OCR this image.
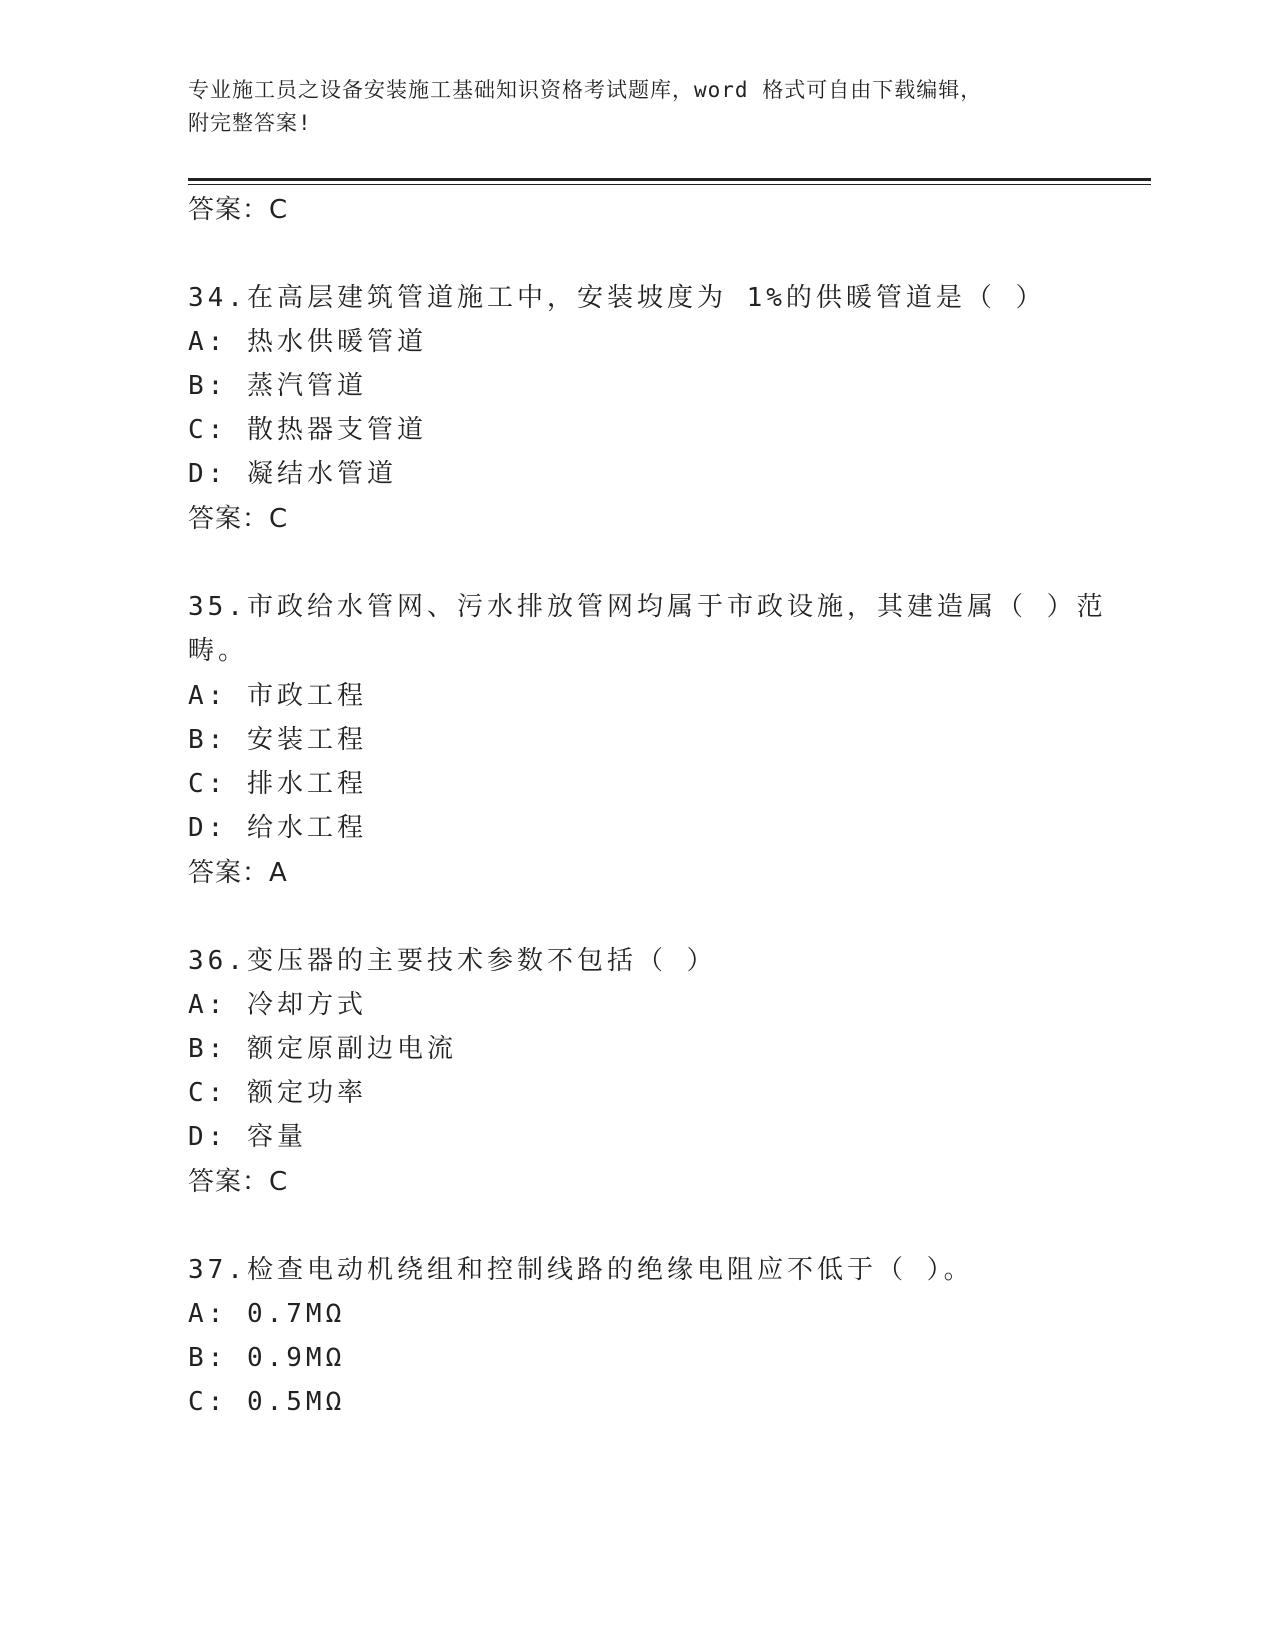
专业施工员之设备安装施工基础知识资格考试题库，word 格式可自由下载编辑，
附完整答案!
答案：C
34.在高层建筑管道施工中，安装坡度为 1%的供暖管道是（ ）
A: 热水供暖管道
B: 蒸汽管道
C: 散热器支管道
D: 凝结水管道
答案：C
35.市政给水管网、污水排放管网均属于市政设施，其建造属（ ）范
畴。
A: 市政工程
B: 安装工程
C: 排水工程
D: 给水工程
答案：A
36.变压器的主要技术参数不包括（ ）
A: 冷却方式
B: 额定原副边电流
C: 额定功率
D: 容量
答案：C
37.检查电动机绕组和控制线路的绝缘电阻应不低于（ ）。
A: 0.7MΩ
B: 0.9MΩ
C: 0.5MΩ
